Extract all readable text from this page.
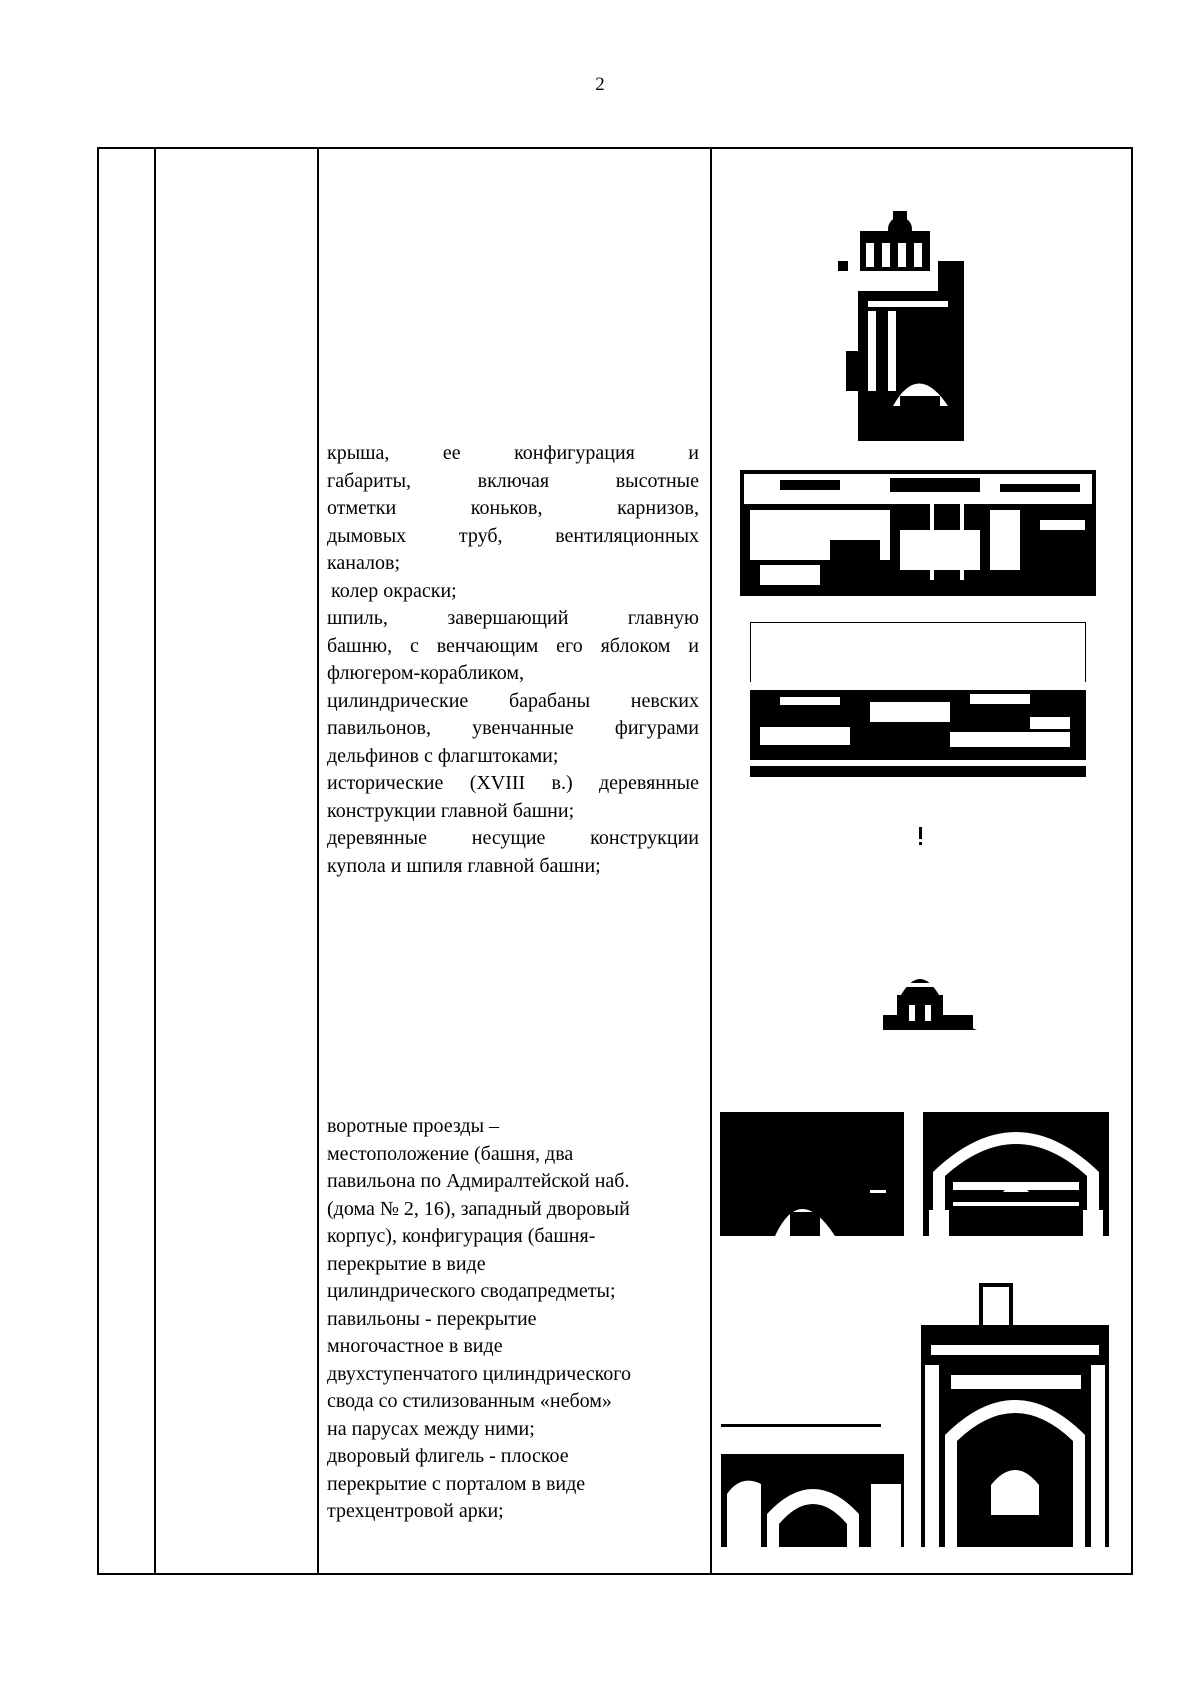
2

крыша, ее конфигурация и

габариты, включая высотные

отметки коньков, карнизов,

дымовых труб, вентиляционных

каналов;

колер окраски;

шпиль, завершающий главную

башню, с венчающим его яблоком и

флюгером-корабликом,

цилиндрические барабаны невских

павильонов, увенчанные фигурами

дельфинов с флагштоками;

исторические (XVIII в.) деревянные

конструкции главной башни;

деревянные несущие конструкции

купола и шпиля главной башни;

воротные проезды –

местоположение (башня, два

павильона по Адмиралтейской наб.

(дома № 2, 16), западный дворовый

корпус), конфигурация (башня-

перекрытие в виде

цилиндрического сводапредметы;

павильоны - перекрытие

многочастное в виде

двухступенчатого цилиндрического

свода со стилизованным «небом»

на парусах между ними;

дворовый флигель - плоское

перекрытие с порталом в виде

трехцентровой арки;
